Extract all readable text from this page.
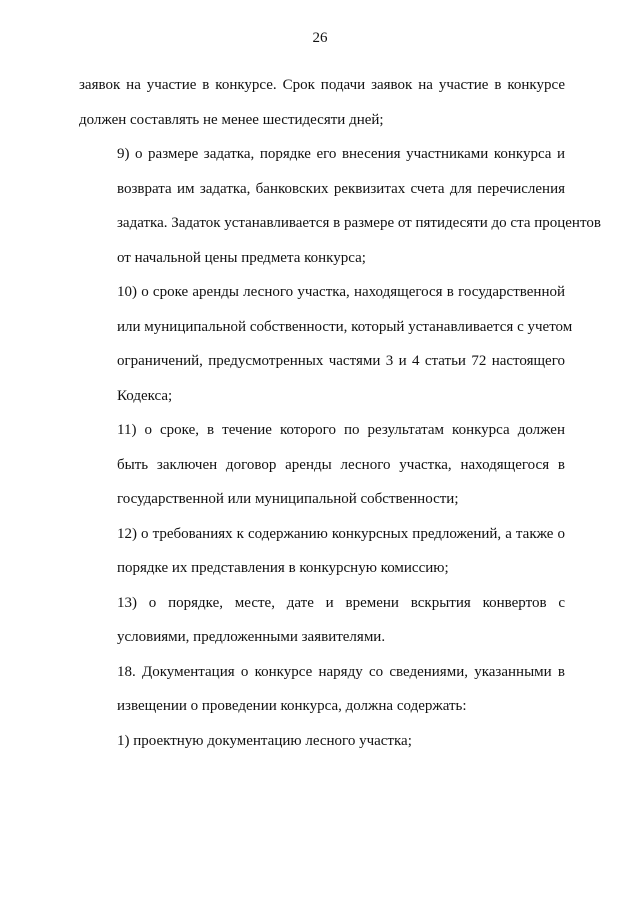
26

заявок на участие в конкурсе. Срок подачи заявок на участие в конкурсе
должен составлять не менее шестидесяти дней;

9) о размере задатка, порядке его внесения участниками конкурса и
возврата им задатка, банковских реквизитах счета для перечисления
задатка. Задаток устанавливается в размере от пятидесяти до ста процентов
от начальной цены предмета конкурса;

10) о сроке аренды лесного участка, находящегося в государственной
или муниципальной собственности, который устанавливается с учетом
ограничений, предусмотренных частями 3 и 4 статьи 72 настоящего
Кодекса;

11) о сроке, в течение которого по результатам конкурса должен
быть заключен договор аренды лесного участка, находящегося в
государственной или муниципальной собственности;

12) о требованиях к содержанию конкурсных предложений, а также о
порядке их представления в конкурсную комиссию;

13) о порядке, месте, дате и времени вскрытия конвертов с
условиями, предложенными заявителями.

18. Документация о конкурсе наряду со сведениями, указанными в
извещении о проведении конкурса, должна содержать:

1) проектную документацию лесного участка;
